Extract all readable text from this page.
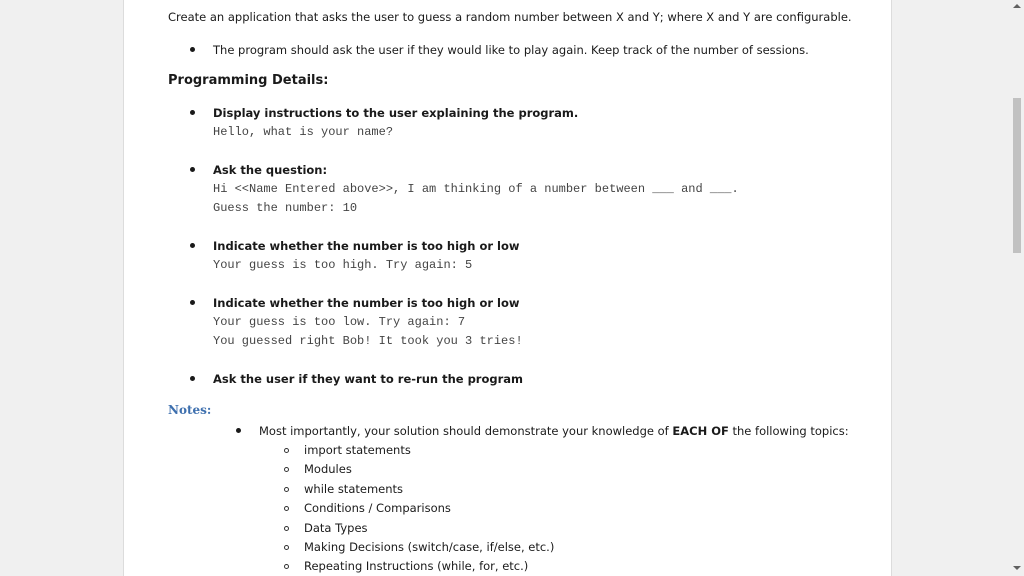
Create an application that asks the user to guess a random number between X and Y; where X and Y are configurable.
The program should ask the user if they would like to play again. Keep track of the number of sessions.
Programming Details:
Display instructions to the user explaining the program.
Hello, what is your name?
Ask the question:
Hi <<Name Entered above>>, I am thinking of a number between ___ and ___.
Guess the number: 10
Indicate whether the number is too high or low
Your guess is too high. Try again: 5
Indicate whether the number is too high or low
Your guess is too low. Try again: 7
You guessed right Bob! It took you 3 tries!
Ask the user if they want to re-run the program
Notes:
Most importantly, your solution should demonstrate your knowledge of EACH OF the following topics:
import statements
Modules
while statements
Conditions / Comparisons
Data Types
Making Decisions (switch/case, if/else, etc.)
Repeating Instructions (while, for, etc.)
